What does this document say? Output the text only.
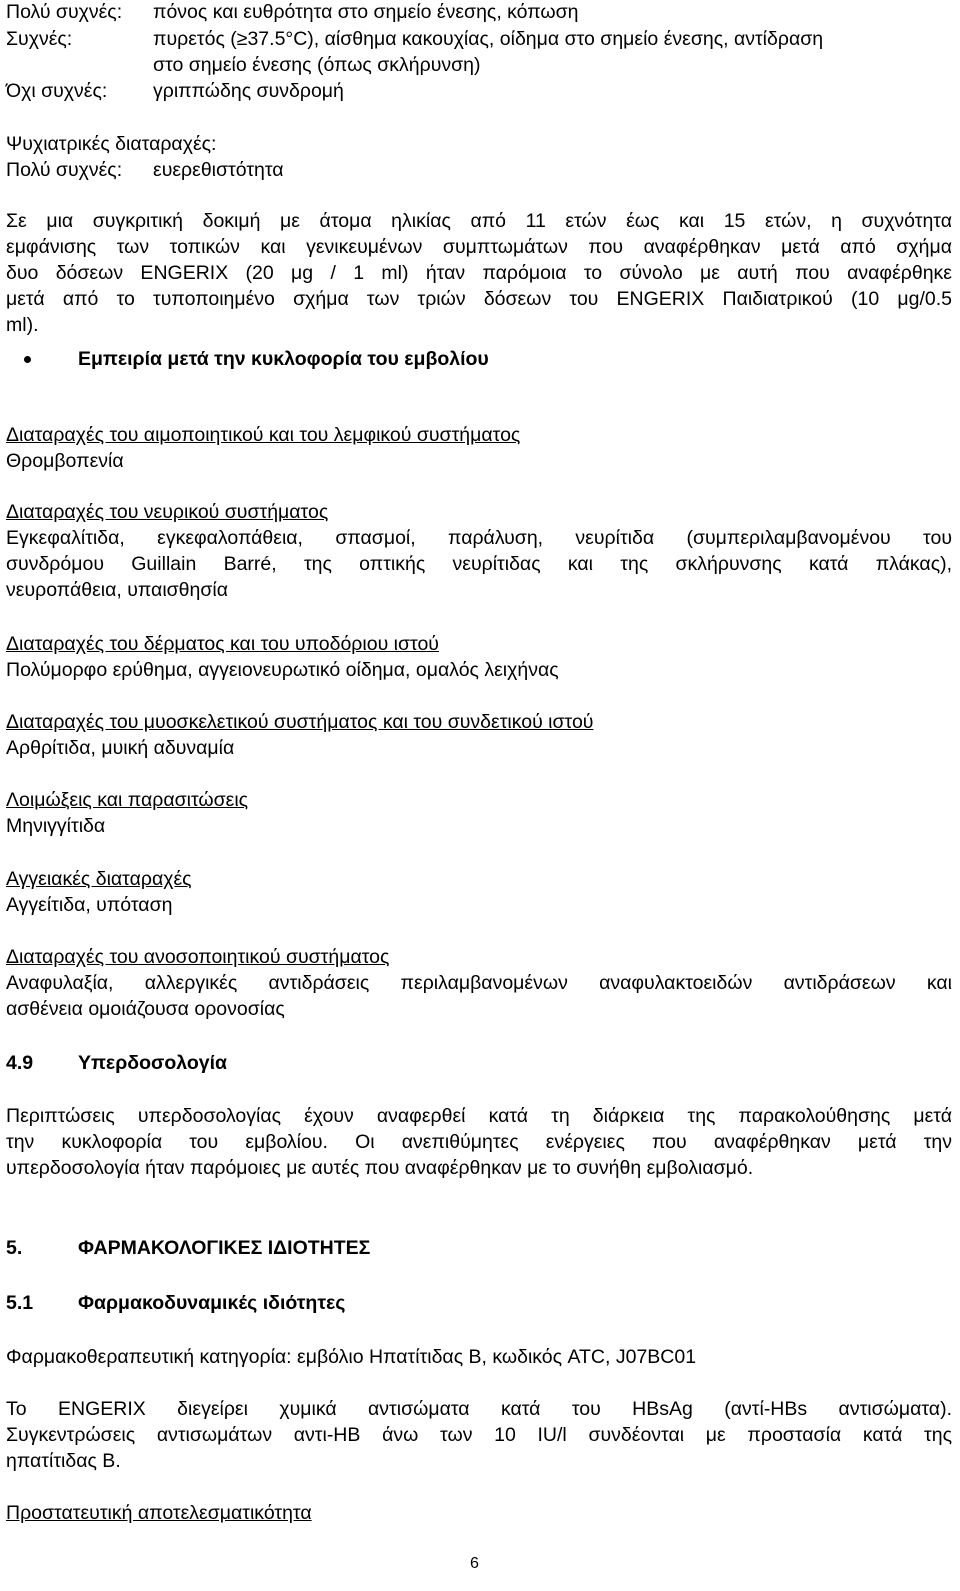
Πολύ συχνές: πόνος και ευθρότητα στο σημείο ένεσης, κόπωση
Συχνές:	πυρετός (≥37.5°C), αίσθημα κακουχίας, οίδημα στο σημείο ένεσης, αντίδραση
στο σημείο ένεσης (όπως σκλήρυνση)
Όχι συχνές: γριππώδης συνδρομή
Ψυχιατρικές διαταραχές:
Πολύ συχνές: ευερεθιστότητα
Σε μια συγκριτική δοκιμή με άτομα ηλικίας από 11 ετών έως και 15 ετών, η συχνότητα
εμφάνισης των τοπικών και γενικευμένων συμπτωμάτων που αναφέρθηκαν μετά από σχήμα
δυο δόσεων ENGERIX (20 μg / 1 ml) ήταν παρόμοια το σύνολο με αυτή που αναφέρθηκε
μετά από το τυποποιημένο σχήμα των τριών δόσεων του ENGERIX Παιδιατρικού (10 μg/0.5
ml).
Εμπειρία μετά την κυκλοφορία του εμβολίου
Διαταραχές του αιμοποιητικού και του λεμφικού συστήματος
Θρομβοπενία
Διαταραχές του νευρικού συστήματος
Εγκεφαλίτιδα, εγκεφαλοπάθεια, σπασμοί, παράλυση, νευρίτιδα (συμπεριλαμβανομένου του
συνδρόμου Guillain Barré, της οπτικής νευρίτιδας και της σκλήρυνσης κατά πλάκας),
νευροπάθεια, υπαισθησία
Διαταραχές του δέρματος και του υποδόριου ιστού
Πολύμορφο ερύθημα, αγγειονευρωτικό οίδημα, ομαλός λειχήνας
Διαταραχές του μυοσκελετικού συστήματος και του συνδετικού ιστού
Αρθρίτιδα, μυική αδυναμία
Λοιμώξεις και παρασιτώσεις
Μηνιγγίτιδα
Αγγειακές διαταραχές
Αγγείτιδα, υπόταση
Διαταραχές του ανοσοποιητικού συστήματος
Αναφυλαξία, αλλεργικές αντιδράσεις περιλαμβανομένων αναφυλακτοειδών αντιδράσεων και
ασθένεια ομοιάζουσα ορονοσίας
4.9 Υπερδοσολογία
Περιπτώσεις υπερδοσολογίας έχουν αναφερθεί κατά τη διάρκεια της παρακολούθησης μετά
την κυκλοφορία του εμβολίου. Οι ανεπιθύμητες ενέργειες που αναφέρθηκαν μετά την
υπερδοσολογία ήταν παρόμοιες με αυτές που αναφέρθηκαν με το συνήθη εμβολιασμό.
5.	ΦΑΡΜΑΚΟΛΟΓΙΚΕΣ ΙΔΙΟΤΗΤΕΣ
5.1 Φαρμακοδυναμικές ιδιότητες
Φαρμακοθεραπευτική κατηγορία: εμβόλιο Ηπατίτιδας Β, κωδικός ATC, J07BC01
Το ENGERIX διεγείρει χυμικά αντισώματα κατά του HBsAg (αντί-HBs αντισώματα).
Συγκεντρώσεις αντισωμάτων αντι-HB άνω των 10 IU/l συνδέονται με προστασία κατά της
ηπατίτιδας Β.
Προστατευτική αποτελεσματικότητα
6
